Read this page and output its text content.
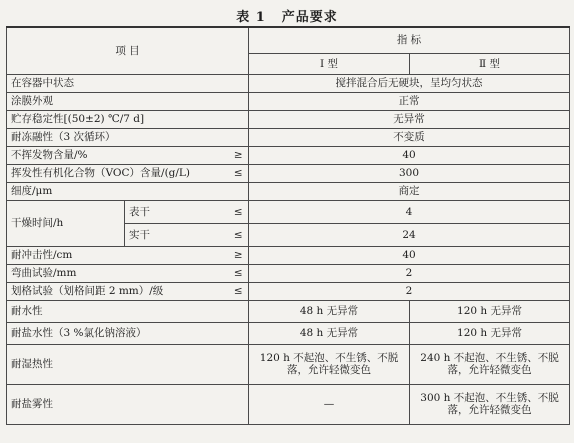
表 1 产品要求
项 目			指 标	
			Ⅰ 型	Ⅱ 型
在容器中状态			搅拌混合后无硬块，呈均匀状态	
涂膜外观			正常	
贮存稳定性[(50±2) ℃/7 d]			无异常	
耐冻融性（3 次循环）			不变质	
不挥发物含量/%		≥	40	
挥发性有机化合物（VOC）含量/(g/L)		≤	300	
细度/μm			商定	
干燥时间/h	表干	≤	4	
	实干	≤	24	
耐冲击性/cm		≥	40	
弯曲试验/mm		≤	2	
划格试验（划格间距 2 mm）/级		≤	2	
耐水性			48 h 无异常	120 h 无异常
耐盐水性（3 %氯化钠溶液）			48 h 无异常	120 h 无异常
耐湿热性			120 h 不起泡、不生锈、不脱落，允许轻微变色	240 h 不起泡、不生锈、不脱落，允许轻微变色
耐盐雾性			—	300 h 不起泡、不生锈、不脱落，允许轻微变色
